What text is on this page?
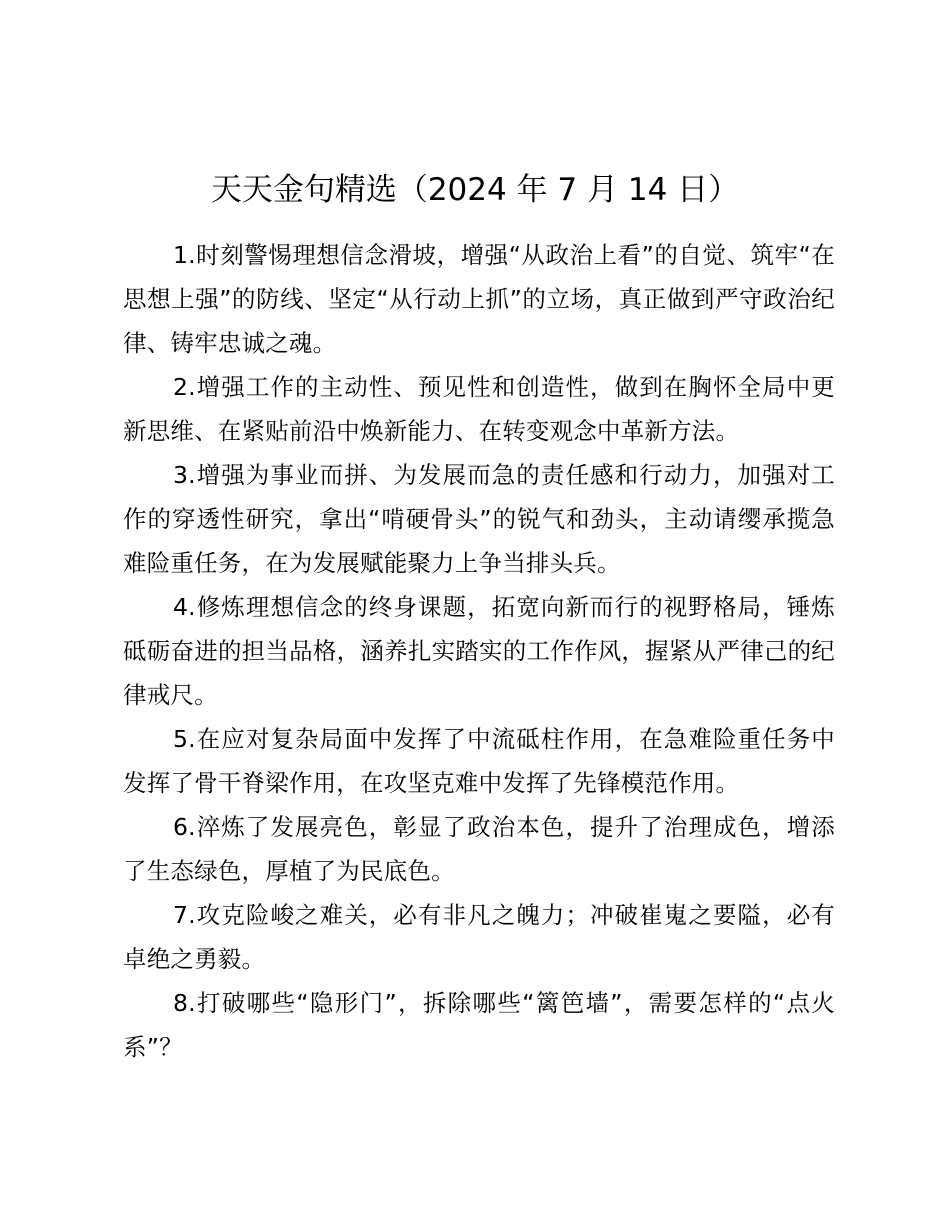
天天金句精选（2024 年 7 月 14 日）

1.时刻警惕理想信念滑坡，增强“从政治上看”的自觉、筑牢“在思想上强”的防线、坚定“从行动上抓”的立场，真正做到严守政治纪律、铸牢忠诚之魂。

2.增强工作的主动性、预见性和创造性，做到在胸怀全局中更新思维、在紧贴前沿中焕新能力、在转变观念中革新方法。

3.增强为事业而拼、为发展而急的责任感和行动力，加强对工作的穿透性研究，拿出“啃硬骨头”的锐气和劲头，主动请缨承揽急难险重任务，在为发展赋能聚力上争当排头兵。

4.修炼理想信念的终身课题，拓宽向新而行的视野格局，锤炼砥砺奋进的担当品格，涵养扎实踏实的工作作风，握紧从严律己的纪律戒尺。

5.在应对复杂局面中发挥了中流砥柱作用，在急难险重任务中发挥了骨干脊梁作用，在攻坚克难中发挥了先锋模范作用。

6.淬炼了发展亮色，彰显了政治本色，提升了治理成色，增添了生态绿色，厚植了为民底色。

7.攻克险峻之难关，必有非凡之魄力；冲破崔嵬之要隘，必有卓绝之勇毅。

8.打破哪些“隐形门”，拆除哪些“篱笆墙”，需要怎样的“点火系”？
